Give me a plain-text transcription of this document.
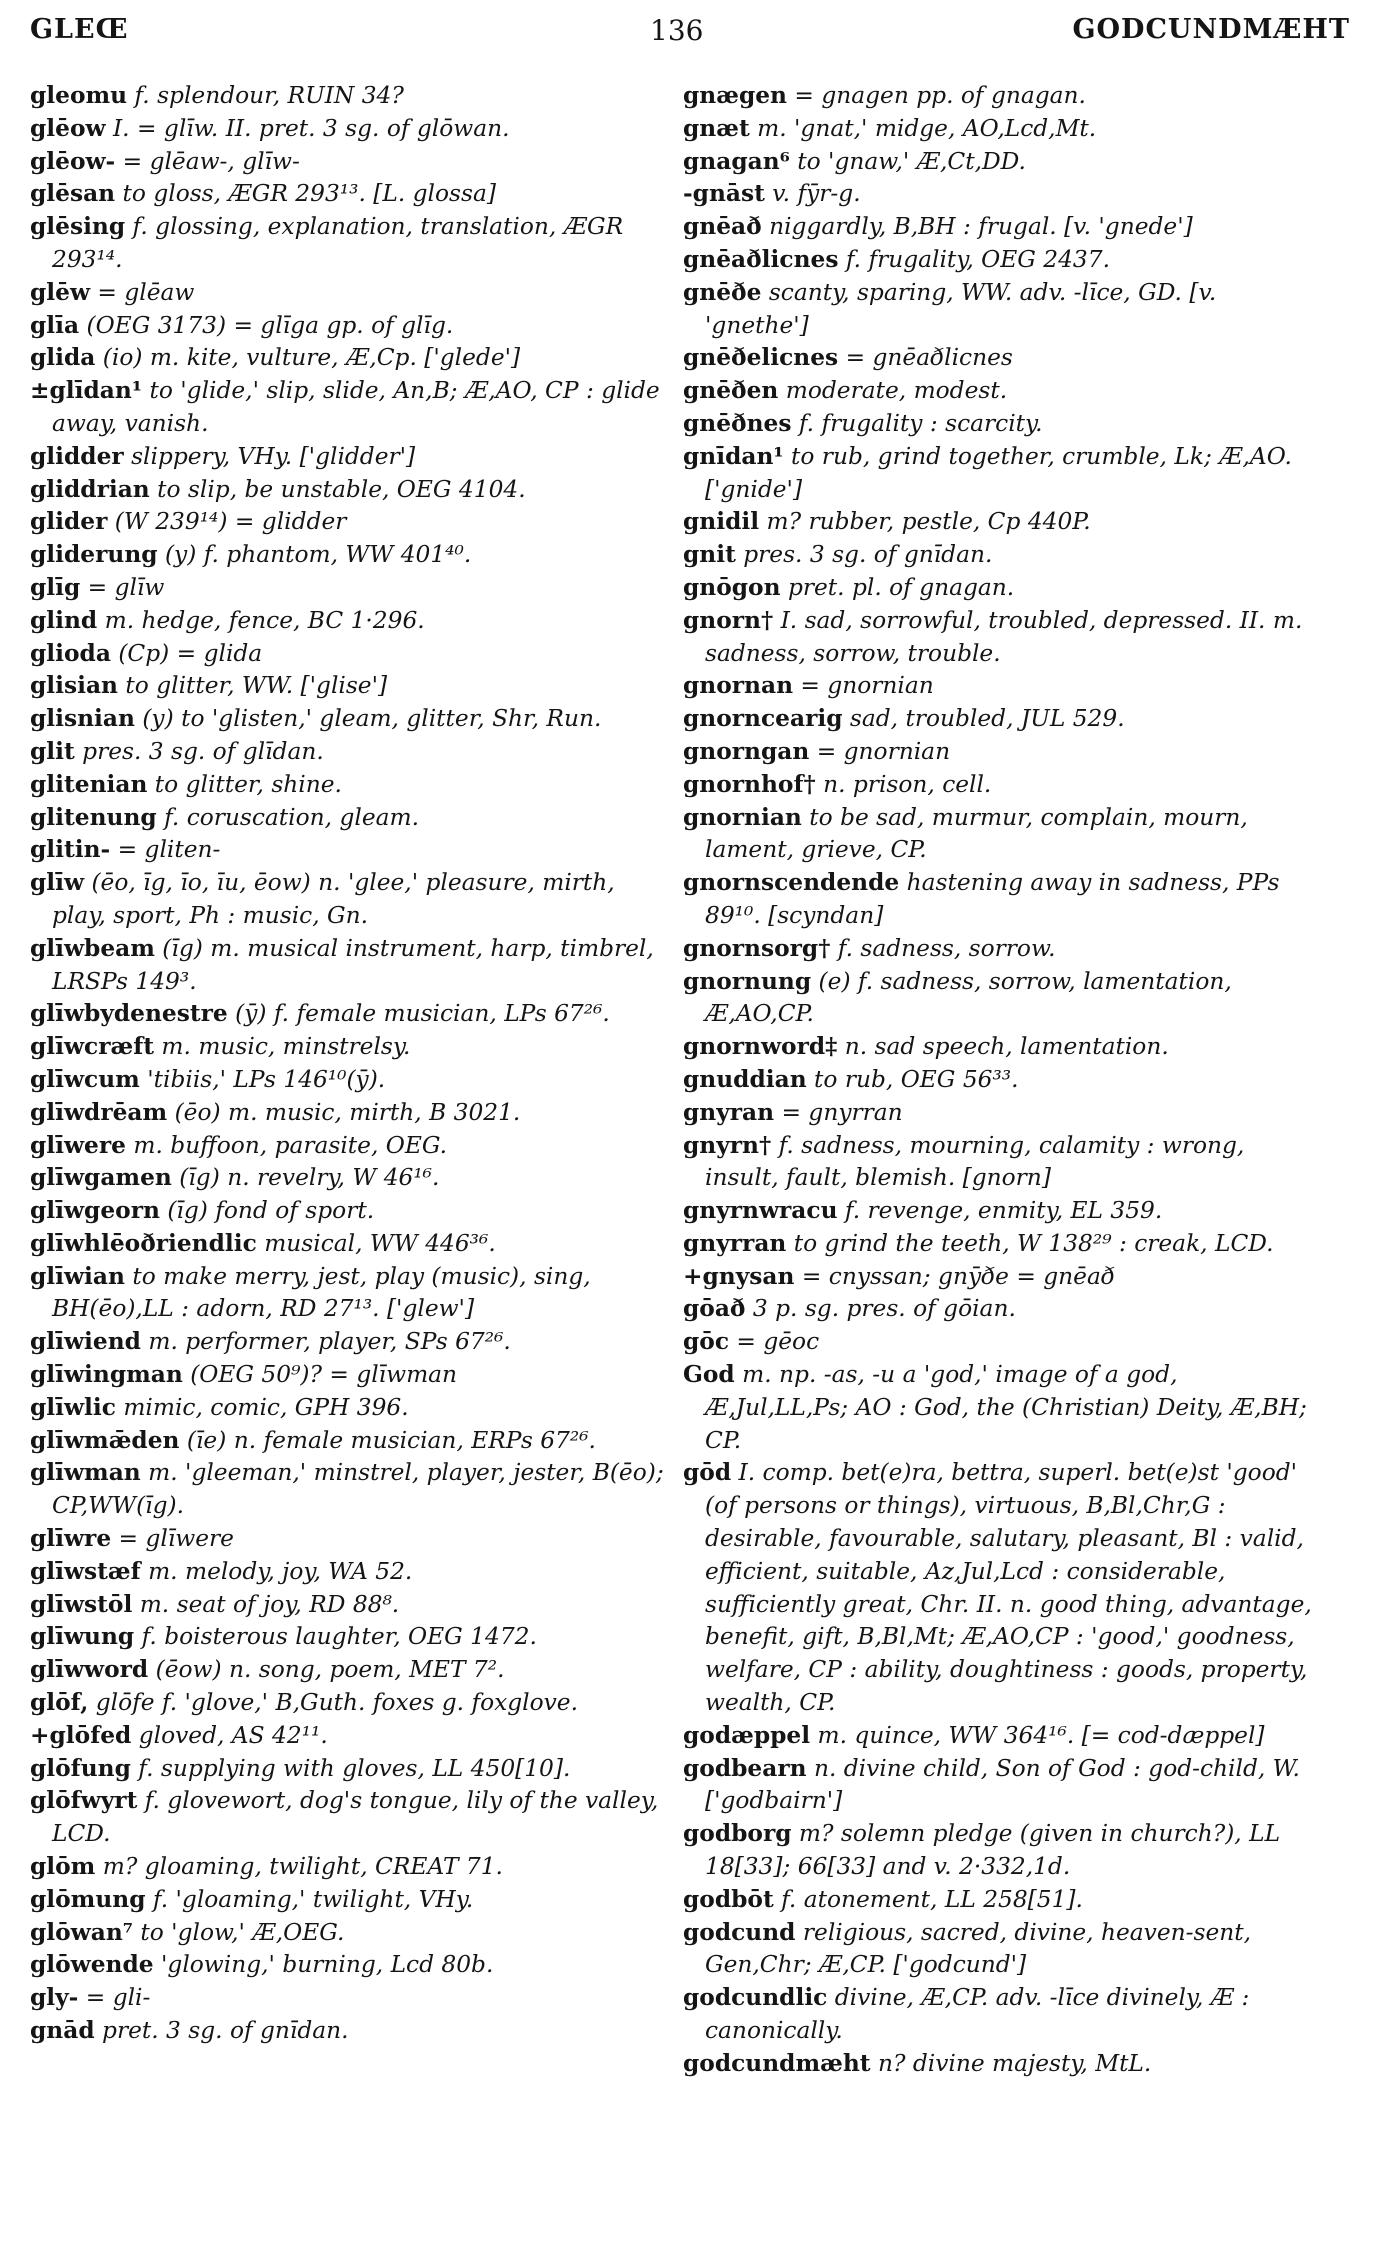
GLEŒ	136	GODCUNDMÆHT

gleomu f. splendour, RUIN 34?

glēow I. = glīw. II. pret. 3 sg. of glōwan.

glēow- = glēaw-, glīw-

glēsan to gloss, ÆGR 293¹³. [L. glossa]

glēsing f. glossing, explanation, translation, ÆGR 293¹⁴.

glēw = glēaw

glīa (OEG 3173) = glīga gp. of glīg.

glida (io) m. kite, vulture, Æ,Cp. ['glede']

±glīdan¹ to 'glide,' slip, slide, An,B; Æ,AO, CP : glide away, vanish.

glidder slippery, VHy. ['glidder']

gliddrian to slip, be unstable, OEG 4104.

glider (W 239¹⁴) = glidder

gliderung (y) f. phantom, WW 401⁴⁰.

glīg = glīw

glind m. hedge, fence, BC 1·296.

glioda (Cp) = glida

glisian to glitter, WW. ['glise']

glisnian (y) to 'glisten,' gleam, glitter, Shr, Run.

glit pres. 3 sg. of glīdan.

glitenian to glitter, shine.

glitenung f. coruscation, gleam.

glitin- = gliten-

glīw (ēo, īg, īo, īu, ēow) n. 'glee,' pleasure, mirth, play, sport, Ph : music, Gn.

glīwbeam (īg) m. musical instrument, harp, timbrel, LRSPs 149³.

glīwbydenestre (ȳ) f. female musician, LPs 67²⁶.

glīwcræft m. music, minstrelsy.

glīwcum 'tibiis,' LPs 146¹⁰(ȳ).

glīwdrēam (ēo) m. music, mirth, B 3021.

glīwere m. buffoon, parasite, OEG.

glīwgamen (īg) n. revelry, W 46¹⁶.

glīwgeorn (īg) fond of sport.

glīwhlēoðriendlic musical, WW 446³⁶.

glīwian to make merry, jest, play (music), sing, BH(ēo),LL : adorn, RD 27¹³. ['glew']

glīwiend m. performer, player, SPs 67²⁶.

glīwingman (OEG 50⁹)? = glīwman

glīwlic mimic, comic, GPH 396.

glīwmǣden (īe) n. female musician, ERPs 67²⁶.

glīwman m. 'gleeman,' minstrel, player, jester, B(ēo); CP,WW(īg).

glīwre = glīwere

glīwstæf m. melody, joy, WA 52.

glīwstōl m. seat of joy, RD 88⁸.

glīwung f. boisterous laughter, OEG 1472.

glīwword (ēow) n. song, poem, MET 7².

glōf, glōfe f. 'glove,' B,Guth. foxes g. foxglove.

+glōfed gloved, AS 42¹¹.

glōfung f. supplying with gloves, LL 450[10].

glōfwyrt f. glovewort, dog's tongue, lily of the valley, LCD.

glōm m? gloaming, twilight, CREAT 71.

glōmung f. 'gloaming,' twilight, VHy.

glōwan⁷ to 'glow,' Æ,OEG.

glōwende 'glowing,' burning, Lcd 80b.

gly- = gli-

gnād pret. 3 sg. of gnīdan.

gnægen = gnagen pp. of gnagan.

gnæt m. 'gnat,' midge, AO,Lcd,Mt.

gnagan⁶ to 'gnaw,' Æ,Ct,DD.

-gnāst v. fȳr-g.

gnēað niggardly, B,BH : frugal. [v. 'gnede']

gnēaðlicnes f. frugality, OEG 2437.

gnēðe scanty, sparing, WW. adv. -līce, GD. [v. 'gnethe']

gnēðelicnes = gnēaðlicnes

gnēðen moderate, modest.

gnēðnes f. frugality : scarcity.

gnīdan¹ to rub, grind together, crumble, Lk; Æ,AO. ['gnide']

gnidil m? rubber, pestle, Cp 440P.

gnit pres. 3 sg. of gnīdan.

gnōgon pret. pl. of gnagan.

gnorn† I. sad, sorrowful, troubled, depressed. II. m. sadness, sorrow, trouble.

gnornan = gnornian

gnorncearig sad, troubled, JUL 529.

gnorngan = gnornian

gnornhof† n. prison, cell.

gnornian to be sad, murmur, complain, mourn, lament, grieve, CP.

gnornscendende hastening away in sadness, PPs 89¹⁰. [scyndan]

gnornsorg† f. sadness, sorrow.

gnornung (e) f. sadness, sorrow, lamentation, Æ,AO,CP.

gnornword‡ n. sad speech, lamentation.

gnuddian to rub, OEG 56³³.

gnyran = gnyrran

gnyrn† f. sadness, mourning, calamity : wrong, insult, fault, blemish. [gnorn]

gnyrnwracu f. revenge, enmity, EL 359.

gnyrran to grind the teeth, W 138²⁹ : creak, LCD.

+gnysan = cnyssan; gnȳðe = gnēað

gōað 3 p. sg. pres. of gōian.

gōc = gēoc

God m. np. -as, -u a 'god,' image of a god, Æ,Jul,LL,Ps; AO : God, the (Christian) Deity, Æ,BH; CP.

gōd I. comp. bet(e)ra, bettra, superl. bet(e)st 'good' (of persons or things), virtuous, B,Bl,Chr,G : desirable, favourable, salutary, pleasant, Bl : valid, efficient, suitable, Az,Jul,Lcd : considerable, sufficiently great, Chr. II. n. good thing, advantage, benefit, gift, B,Bl,Mt; Æ,AO,CP : 'good,' goodness, welfare, CP : ability, doughtiness : goods, property, wealth, CP.

godæppel m. quince, WW 364¹⁶. [= cod-dæppel]

godbearn n. divine child, Son of God : god-child, W. ['godbairn']

godborg m? solemn pledge (given in church?), LL 18[33]; 66[33] and v. 2·332,1d.

godbōt f. atonement, LL 258[51].

godcund religious, sacred, divine, heaven-sent, Gen,Chr; Æ,CP. ['godcund']

godcundlic divine, Æ,CP. adv. -līce divinely, Æ : canonically.

godcundmæht n? divine majesty, MtL.
